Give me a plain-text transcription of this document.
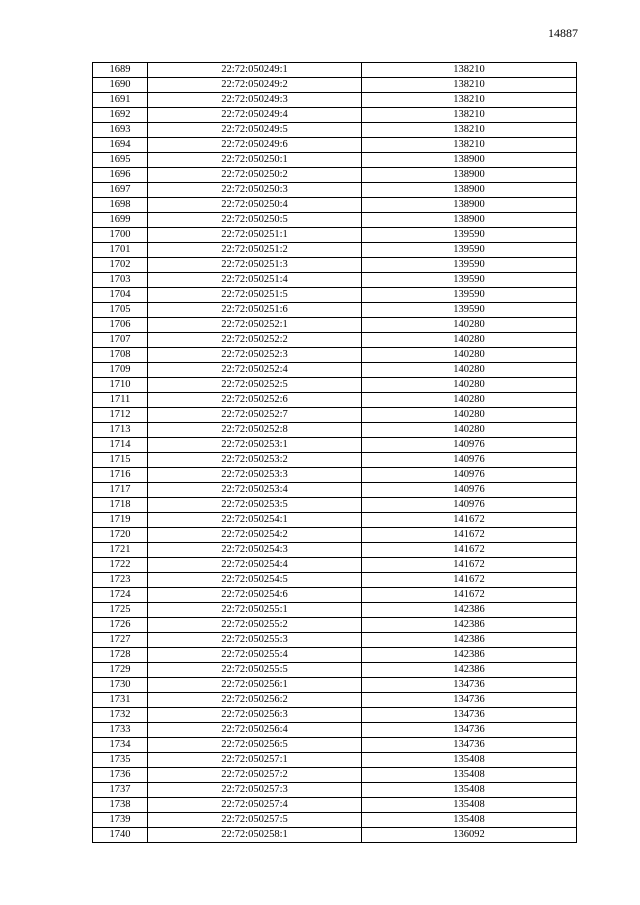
14887
1689	22:72:050249:1	138210
1690	22:72:050249:2	138210
1691	22:72:050249:3	138210
1692	22:72:050249:4	138210
1693	22:72:050249:5	138210
1694	22:72:050249:6	138210
1695	22:72:050250:1	138900
1696	22:72:050250:2	138900
1697	22:72:050250:3	138900
1698	22:72:050250:4	138900
1699	22:72:050250:5	138900
1700	22:72:050251:1	139590
1701	22:72:050251:2	139590
1702	22:72:050251:3	139590
1703	22:72:050251:4	139590
1704	22:72:050251:5	139590
1705	22:72:050251:6	139590
1706	22:72:050252:1	140280
1707	22:72:050252:2	140280
1708	22:72:050252:3	140280
1709	22:72:050252:4	140280
1710	22:72:050252:5	140280
1711	22:72:050252:6	140280
1712	22:72:050252:7	140280
1713	22:72:050252:8	140280
1714	22:72:050253:1	140976
1715	22:72:050253:2	140976
1716	22:72:050253:3	140976
1717	22:72:050253:4	140976
1718	22:72:050253:5	140976
1719	22:72:050254:1	141672
1720	22:72:050254:2	141672
1721	22:72:050254:3	141672
1722	22:72:050254:4	141672
1723	22:72:050254:5	141672
1724	22:72:050254:6	141672
1725	22:72:050255:1	142386
1726	22:72:050255:2	142386
1727	22:72:050255:3	142386
1728	22:72:050255:4	142386
1729	22:72:050255:5	142386
1730	22:72:050256:1	134736
1731	22:72:050256:2	134736
1732	22:72:050256:3	134736
1733	22:72:050256:4	134736
1734	22:72:050256:5	134736
1735	22:72:050257:1	135408
1736	22:72:050257:2	135408
1737	22:72:050257:3	135408
1738	22:72:050257:4	135408
1739	22:72:050257:5	135408
1740	22:72:050258:1	136092
